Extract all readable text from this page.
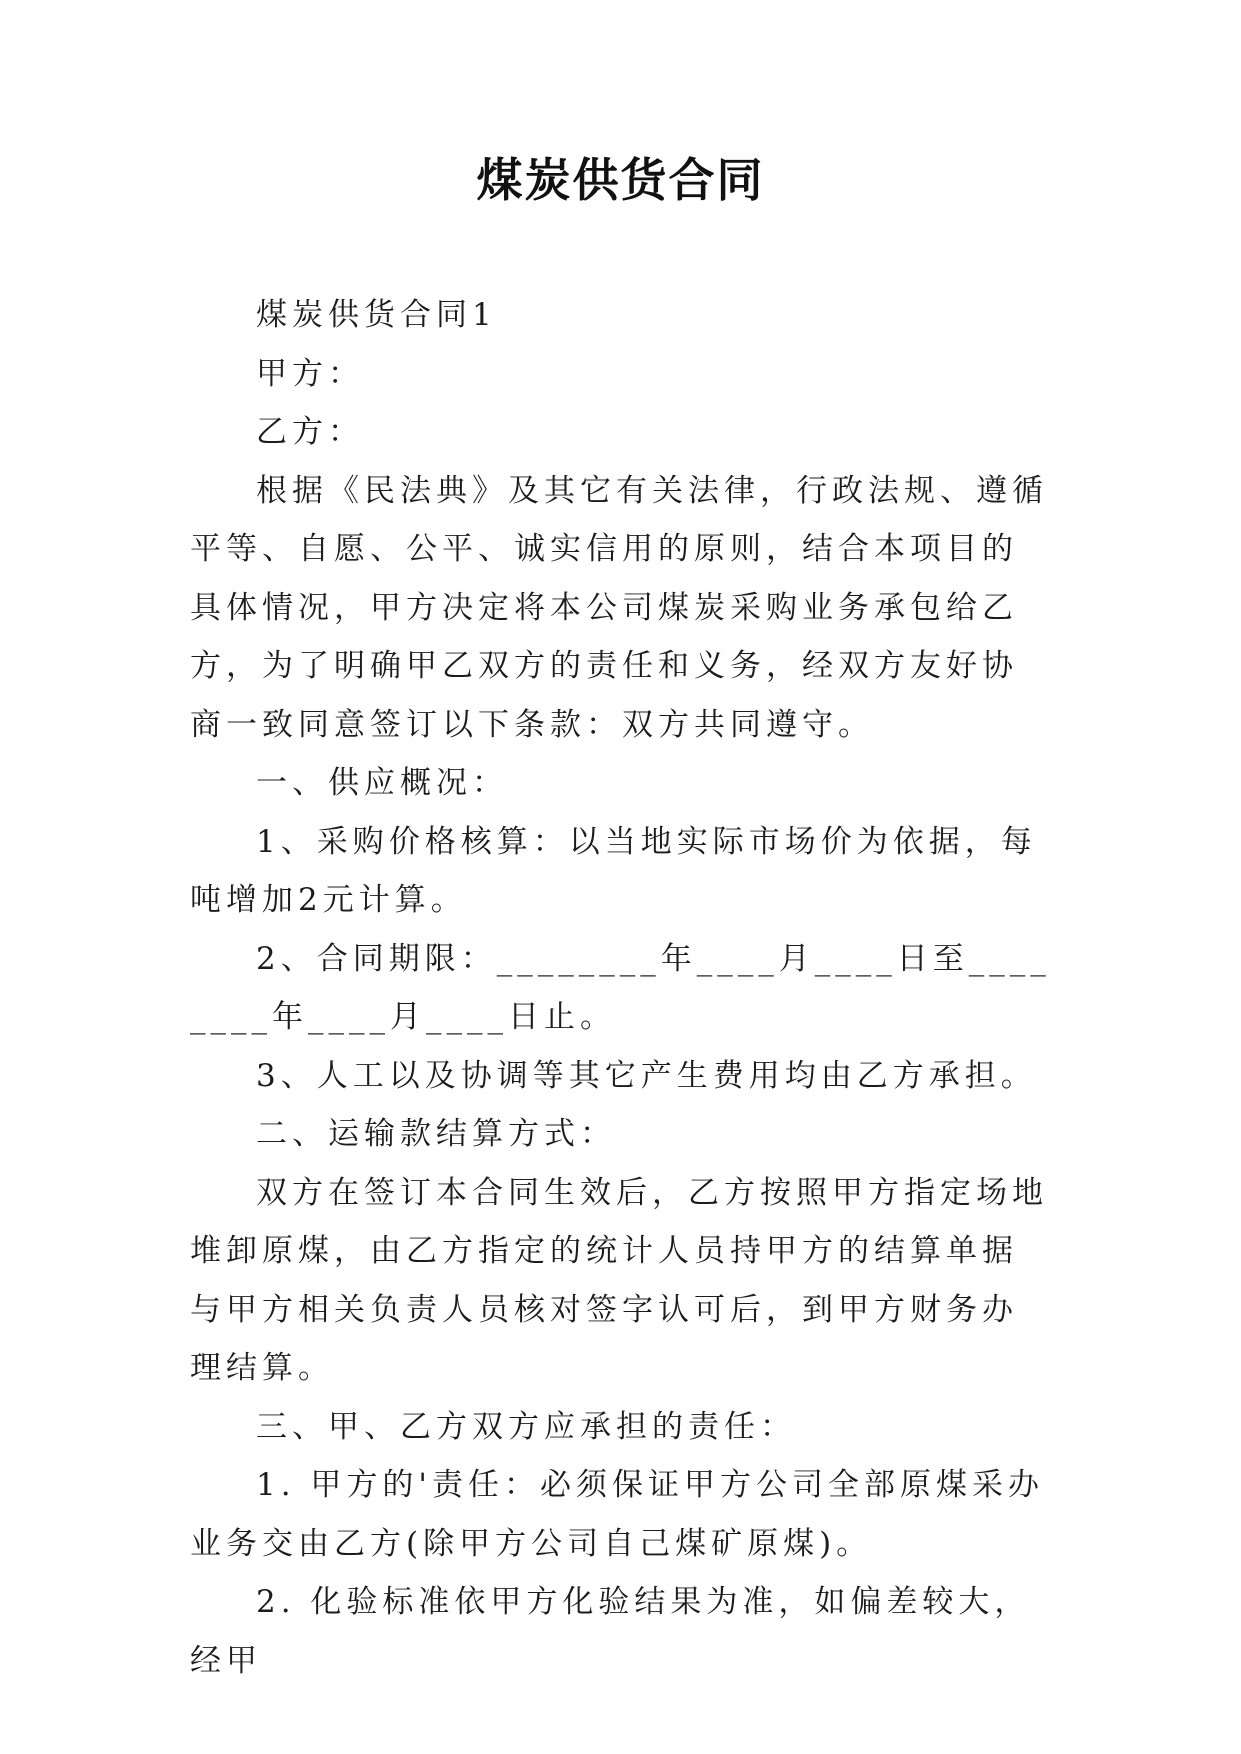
煤炭供货合同

煤炭供货合同1

甲方：

乙方：

根据《民法典》及其它有关法律，行政法规、遵循平等、自愿、公平、诚实信用的原则，结合本项目的具体情况，甲方决定将本公司煤炭采购业务承包给乙方，为了明确甲乙双方的责任和义务，经双方友好协商一致同意签订以下条款：双方共同遵守。

一、供应概况：

1、采购价格核算：以当地实际市场价为依据，每吨增加2元计算。

2、合同期限：________年____月____日至________年____月____日止。

3、人工以及协调等其它产生费用均由乙方承担。

二、运输款结算方式：

双方在签订本合同生效后，乙方按照甲方指定场地堆卸原煤，由乙方指定的统计人员持甲方的结算单据与甲方相关负责人员核对签字认可后，到甲方财务办理结算。

三、甲、乙方双方应承担的责任：

1. 甲方的'责任：必须保证甲方公司全部原煤采办业务交由乙方(除甲方公司自己煤矿原煤)。

2. 化验标准依甲方化验结果为准，如偏差较大，经甲
